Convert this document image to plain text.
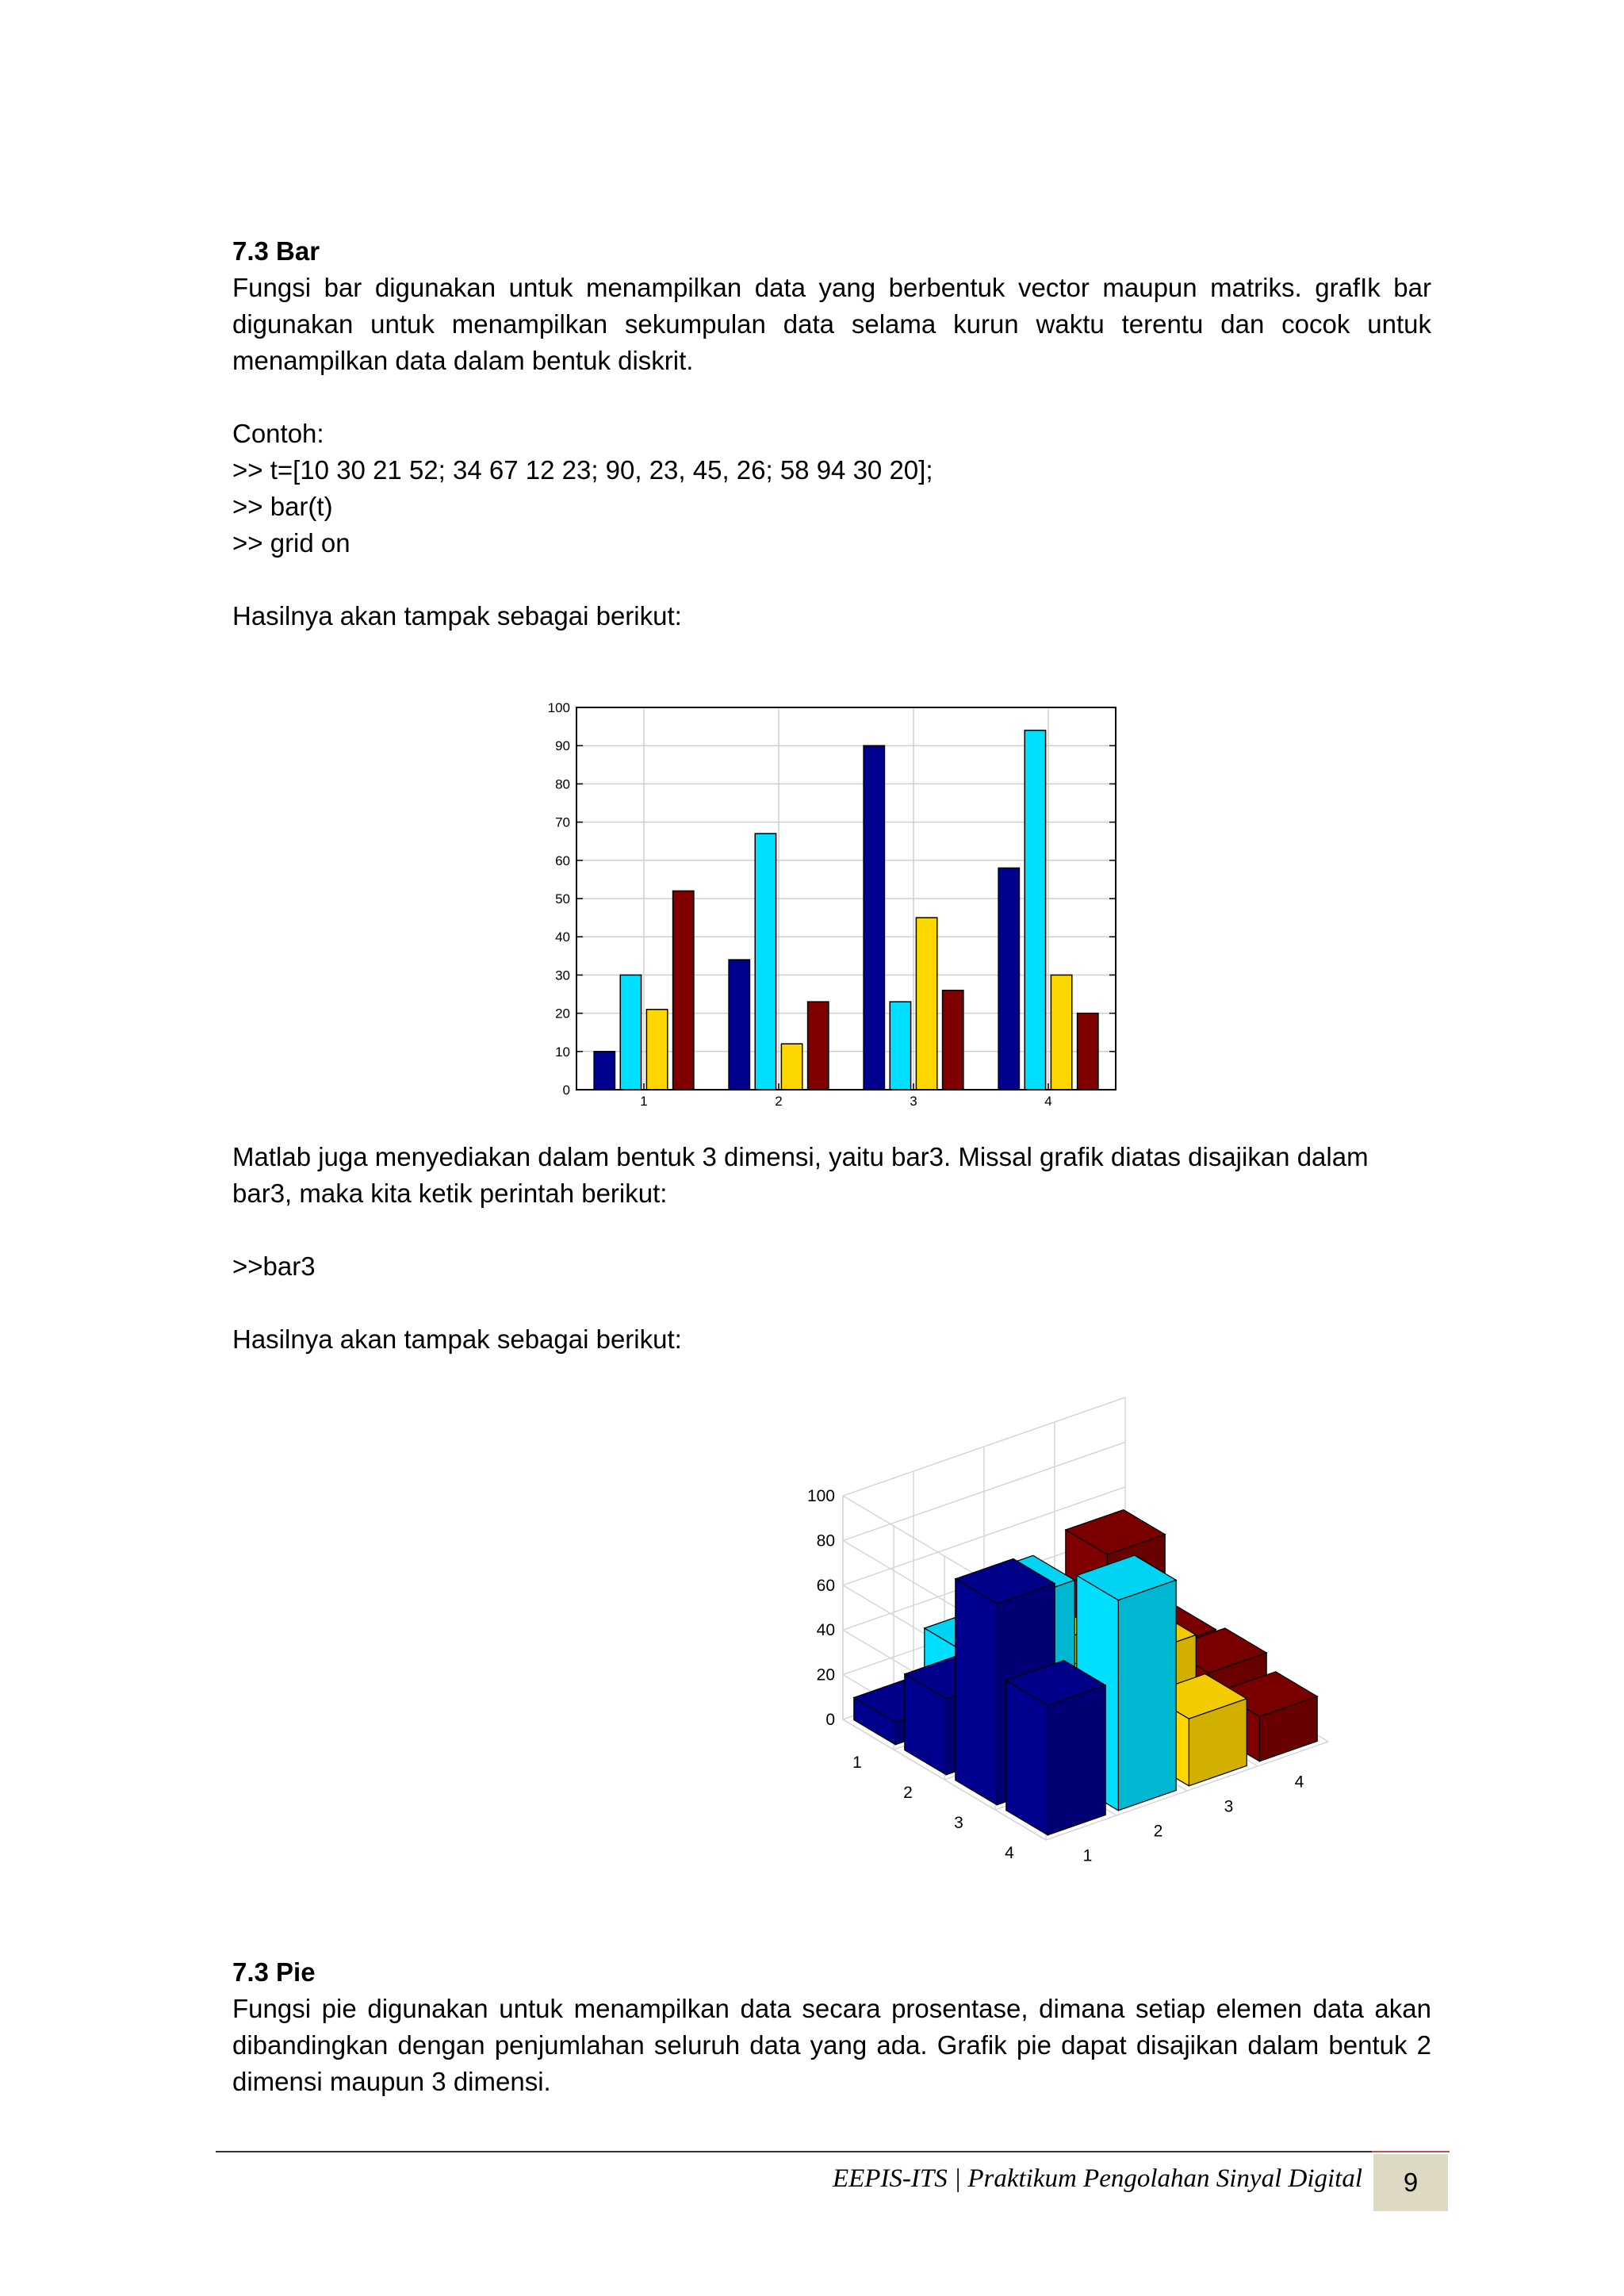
7.3 Bar
Fungsi bar digunakan untuk menampilkan data yang berbentuk vector maupun matriks. grafIk bar digunakan untuk menampilkan sekumpulan data selama kurun waktu terentu dan cocok untuk menampilkan data dalam bentuk diskrit.
Contoh:
>> t=[10 30 21 52; 34 67 12 23; 90, 23, 45, 26; 58 94 30 20];
>> bar(t)
>> grid on
Hasilnya akan tampak sebagai berikut:
0
10
20
30
40
50
60
70
80
90
100
1	2	3	4
Matlab juga menyediakan dalam bentuk 3 dimensi, yaitu bar3. Missal grafik diatas disajikan dalam bar3, maka kita ketik perintah berikut:
>>bar3
Hasilnya akan tampak sebagai berikut:
0
20
40
60
80
100
1
2
3
4	1
2
3
4
7.3 Pie
Fungsi pie digunakan untuk menampilkan data secara prosentase, dimana setiap elemen data akan dibandingkan dengan penjumlahan seluruh data yang ada. Grafik pie dapat disajikan dalam bentuk 2 dimensi maupun 3 dimensi.
EEPIS-ITS | Praktikum Pengolahan Sinyal Digital	9
